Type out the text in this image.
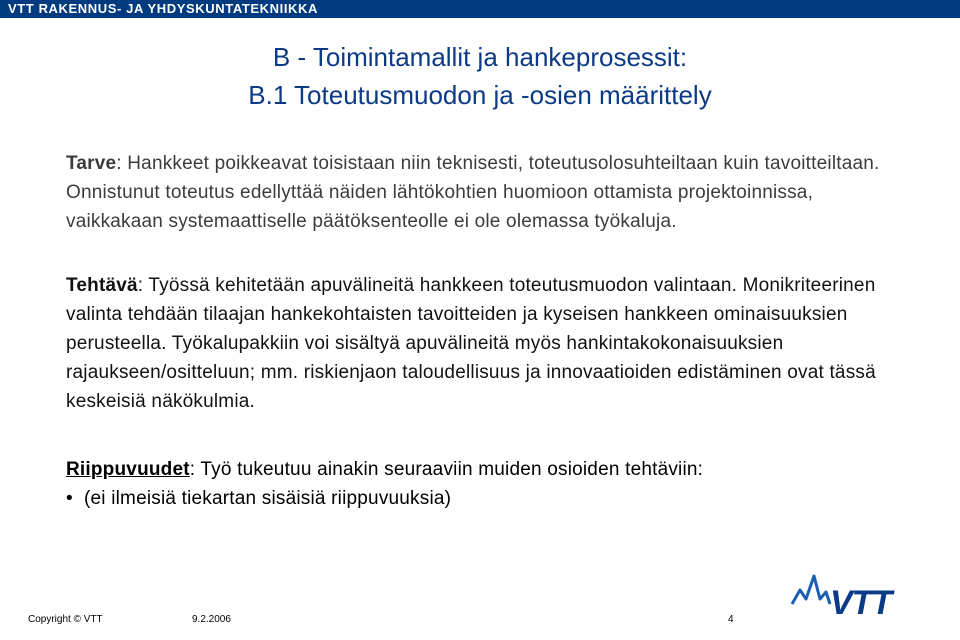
VTT RAKENNUS- JA YHDYSKUNTATEKNIIKKA
B - Toimintamallit ja hankeprosessit:
B.1 Toteutusmuodon ja -osien määrittely
Tarve: Hankkeet poikkeavat toisistaan niin teknisesti, toteutusolosuhteiltaan kuin tavoitteiltaan. Onnistunut toteutus edellyttää näiden lähtökohtien huomioon ottamista projektoinnissa, vaikkakaan systemaattiselle päätöksenteolle ei ole olemassa työkaluja.
Tehtävä: Työssä kehitetään apuvälineitä hankkeen toteutusmuodon valintaan. Monikriteerinen valinta tehdään tilaajan hankekohtaisten tavoitteiden ja kyseisen hankkeen ominaisuuksien perusteella. Työkalupakkiin voi sisältyä apuvälineitä myös hankintakokonaisuuksien rajaukseen/ositteluun; mm. riskienjaon taloudellisuus ja innovaatioiden edistäminen ovat tässä keskeisiä näkökulmia.
Riippuvuudet: Työ tukeutuu ainakin seuraaviin muiden osioiden tehtäviin:
• (ei ilmeisiä tiekartan sisäisiä riippuvuuksia)
VTT
Copyright © VTT	9.2.2006	4
